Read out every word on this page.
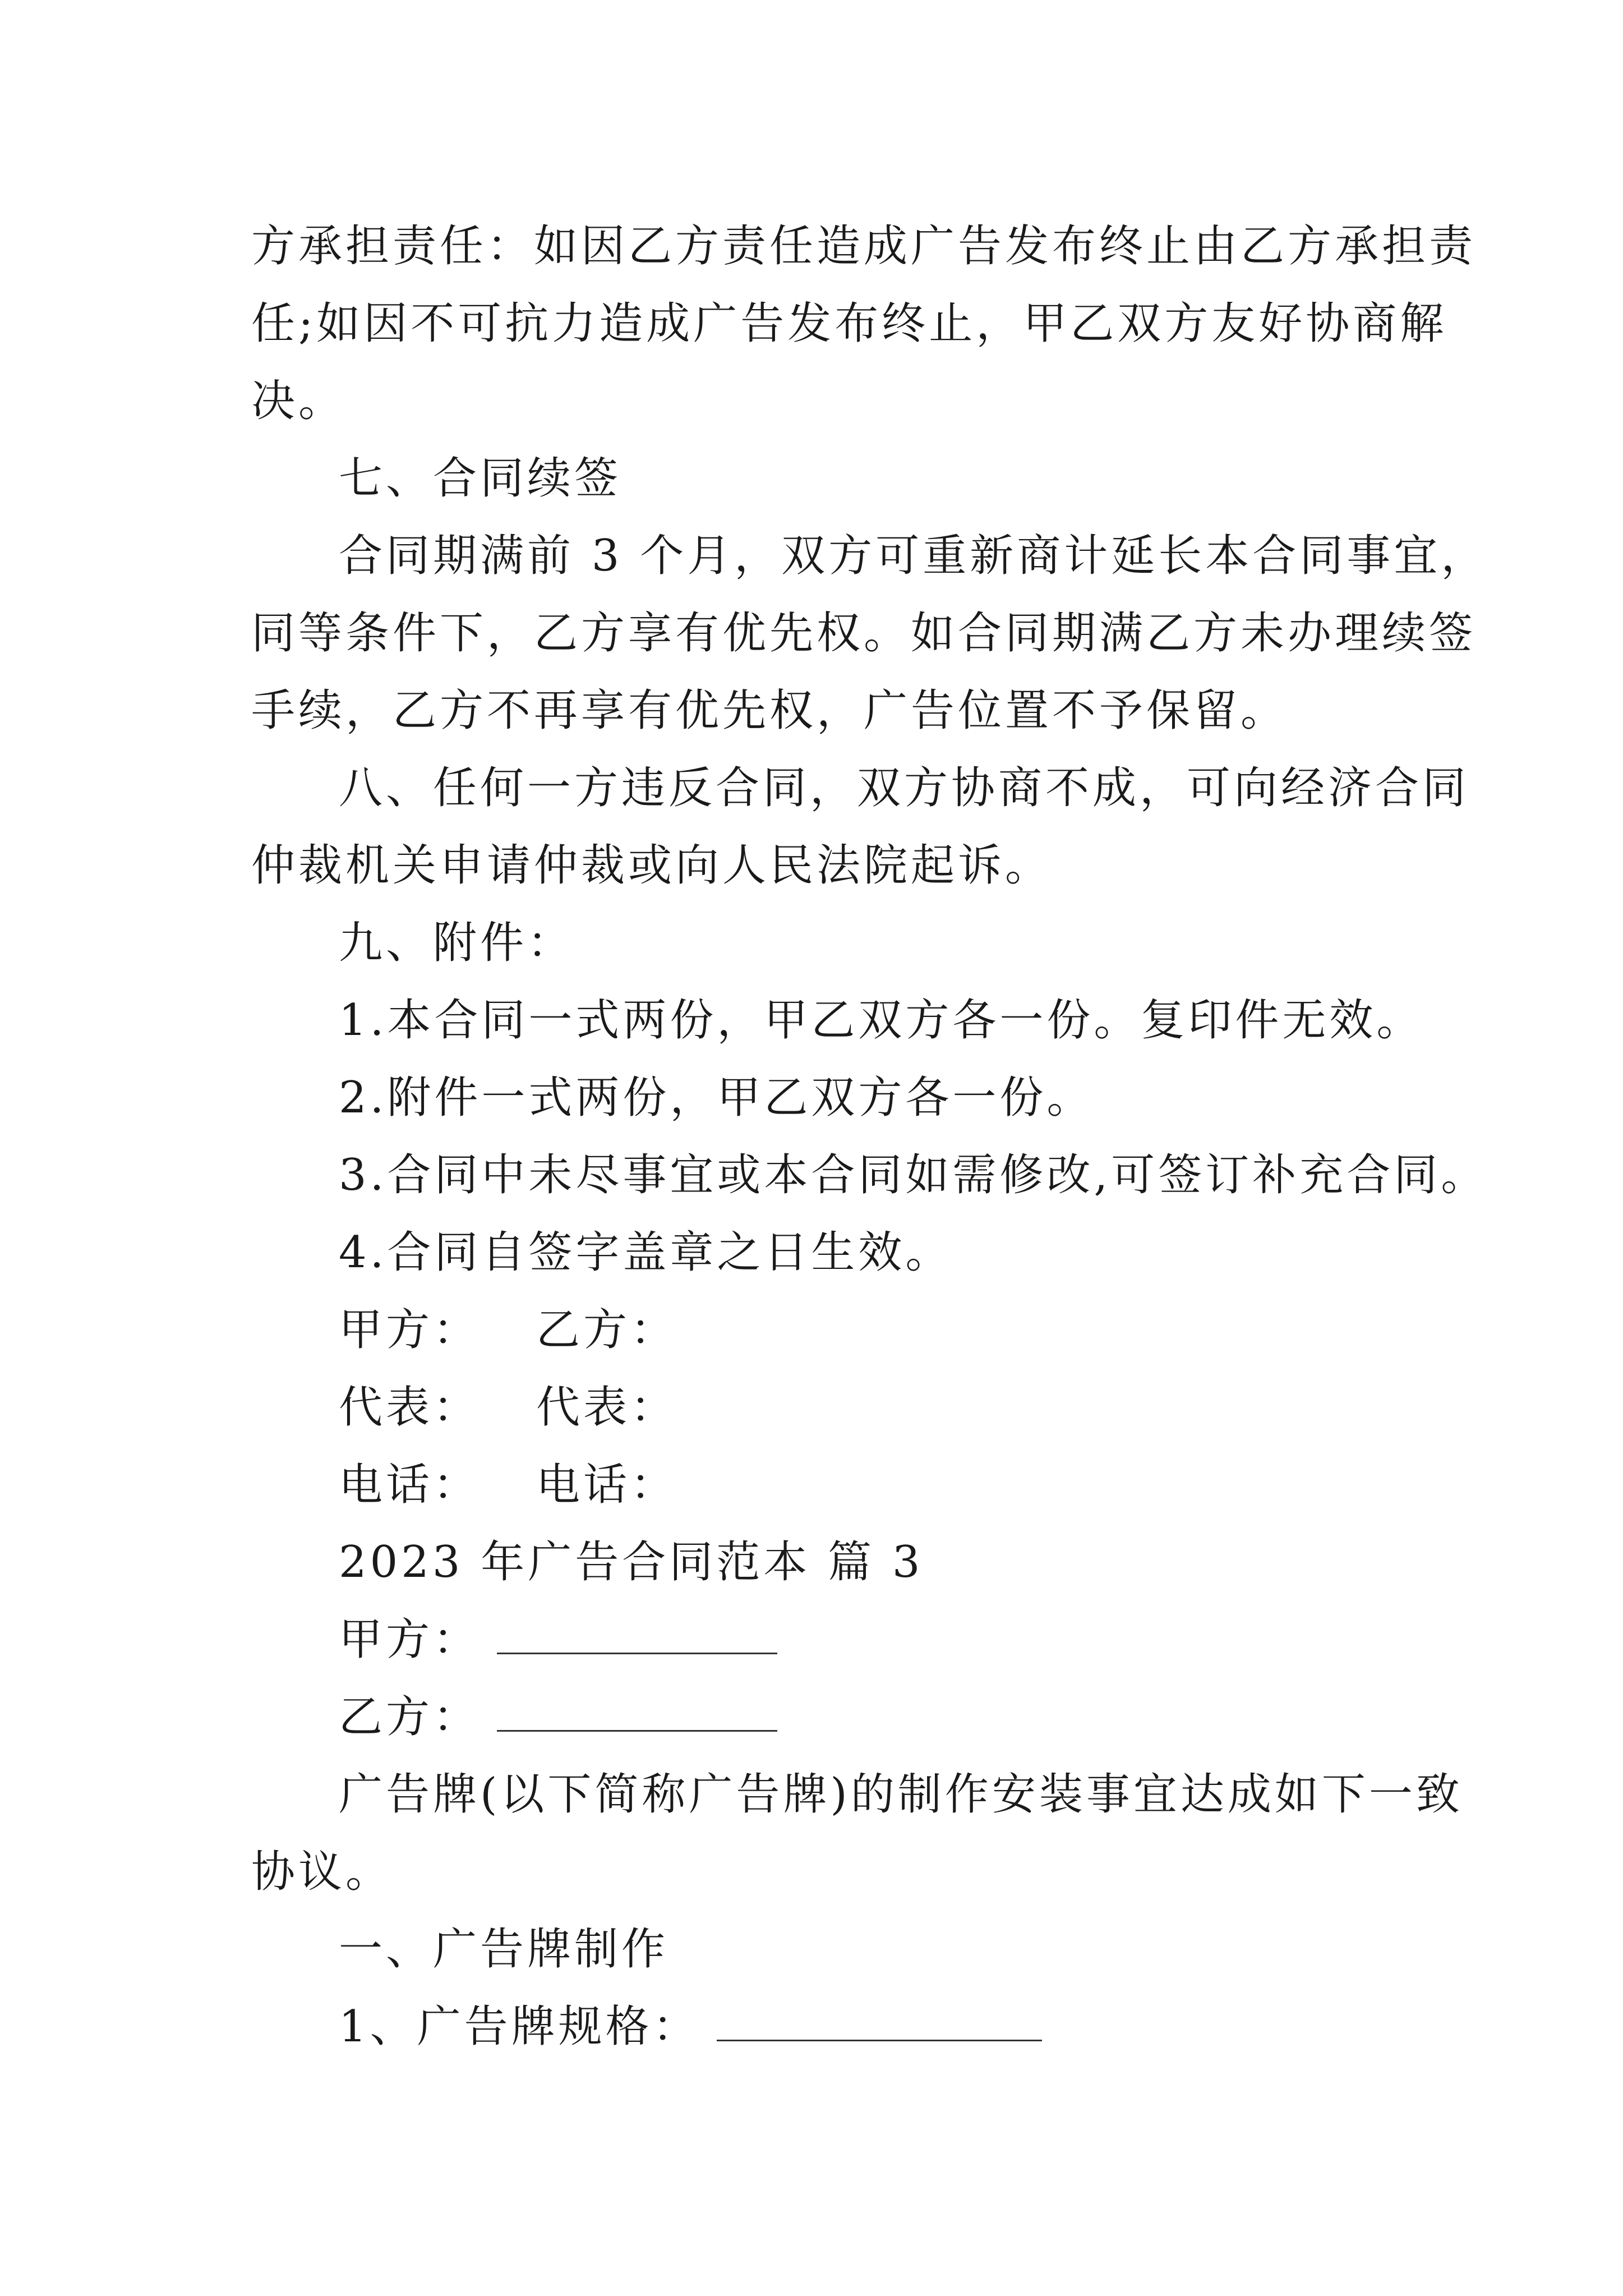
方承担责任：如因乙方责任造成广告发布终止由乙方承担责
任;如因不可抗力造成广告发布终止，甲乙双方友好协商解
决。
七、合同续签
合同期满前 3 个月，双方可重新商计延长本合同事宜，
同等条件下，乙方享有优先权。如合同期满乙方未办理续签
手续，乙方不再享有优先权，广告位置不予保留。
八、任何一方违反合同，双方协商不成，可向经济合同
仲裁机关申请仲裁或向人民法院起诉。
九、附件：
1.本合同一式两份，甲乙双方各一份。复印件无效。
2.附件一式两份，甲乙双方各一份。
3.合同中未尽事宜或本合同如需修改,可签订补充合同。
4.合同自签字盖章之日生效。
甲方： 乙方：
代表： 代表：
电话： 电话：
2023 年广告合同范本 篇 3
甲方：
乙方：
广告牌(以下简称广告牌)的制作安装事宜达成如下一致
协议。
一、广告牌制作
1、广告牌规格：
